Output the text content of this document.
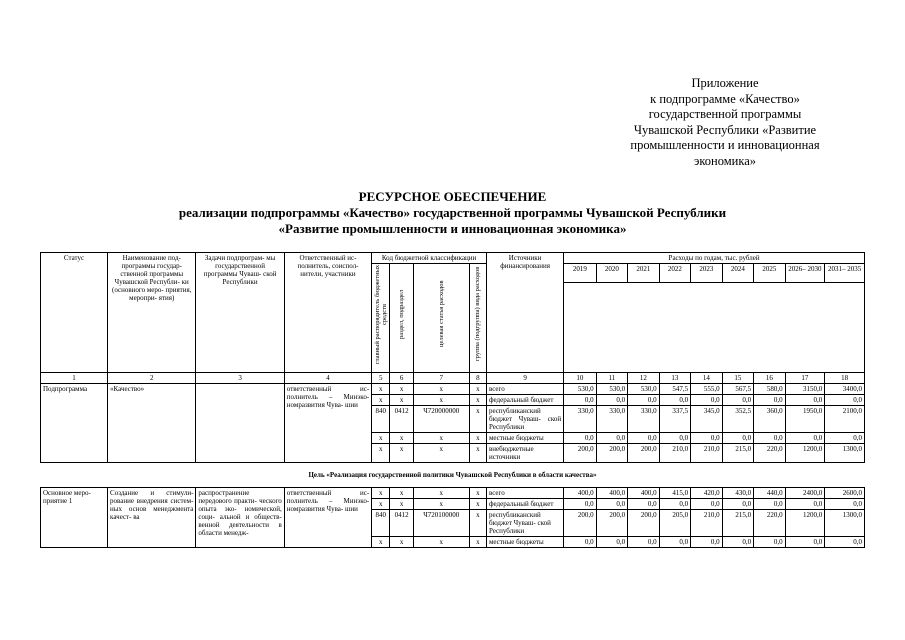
Приложение
к подпрограмме «Качество»
государственной программы
Чувашской Республики «Развитие
промышленности и инновационная
экономика»
РЕСУРСНОЕ ОБЕСПЕЧЕНИЕ
реализации подпрограммы «Качество» государственной программы Чувашской Республики
«Развитие промышленности и инновационная экономика»
Статус	Наименование под- программы государ- ственной программы Чувашской Республи- ки (основного меро- приятия, меропри- ятия)	Задачи подпрограм- мы государственной программы Чуваш- ской Республики	Ответственный ис- полнитель, соиспол- нители, участники	Код бюджетной классификации				Источники финансирования	Расходы по годам, тыс. рублей								

				главный распорядитель бюджетных средств	раздел, подраздел	целевая статья расходов	группа (подгруппа) вида расходов		2019	2020	2021	2022	2023	2024	2025	2026– 2030	2031– 2035

1	2	3	4	5	6	7	8	9	10	11	12	13	14	15	16	17	18
Подпрограмма	«Качество»		ответственный ис- полнитель – Минэко- номразвития Чува- шии	x	x	x	x	всего	530,0	530,0	530,0	547,5	555,0	567,5	580,0	3150,0	3400,0
				x	x	x	x	федеральный бюджет	0,0	0,0	0,0	0,0	0,0	0,0	0,0	0,0	0,0
				840	0412	Ч720000000	x	республиканский бюджет Чуваш- ской Республики	330,0	330,0	330,0	337,5	345,0	352,5	360,0	1950,0	2100,0
				x	x	x	x	местные бюджеты	0,0	0,0	0,0	0,0	0,0	0,0	0,0	0,0	0,0
				x	x	x	x	внебюджетные источники	200,0	200,0	200,0	210,0	210,0	215,0	220,0	1200,0	1300,0
Цель «Реализация государственной политики Чувашской Республики в области качества»																	
Основное меро- приятие 1	Создание и стимули- рование внедрения системных основ менеджмента качест- ва	распространение передового практи- ческого опыта эко- номической, соци- альной и обществ- венной деятельности в области менедж-	ответственный ис- полнитель – Минэко- номразвития Чува- шии	x	x	x	x	всего	400,0	400,0	400,0	415,0	420,0	430,0	440,0	2400,0	2600,0
				x	x	x	x	федеральный бюджет	0,0	0,0	0,0	0,0	0,0	0,0	0,0	0,0	0,0
				840	0412	Ч720100000	x	республиканский бюджет Чуваш- ской Республики	200,0	200,0	200,0	205,0	210,0	215,0	220,0	1200,0	1300,0
				x	x	x	x	местные бюджеты	0,0	0,0	0,0	0,0	0,0	0,0	0,0	0,0	0,0
